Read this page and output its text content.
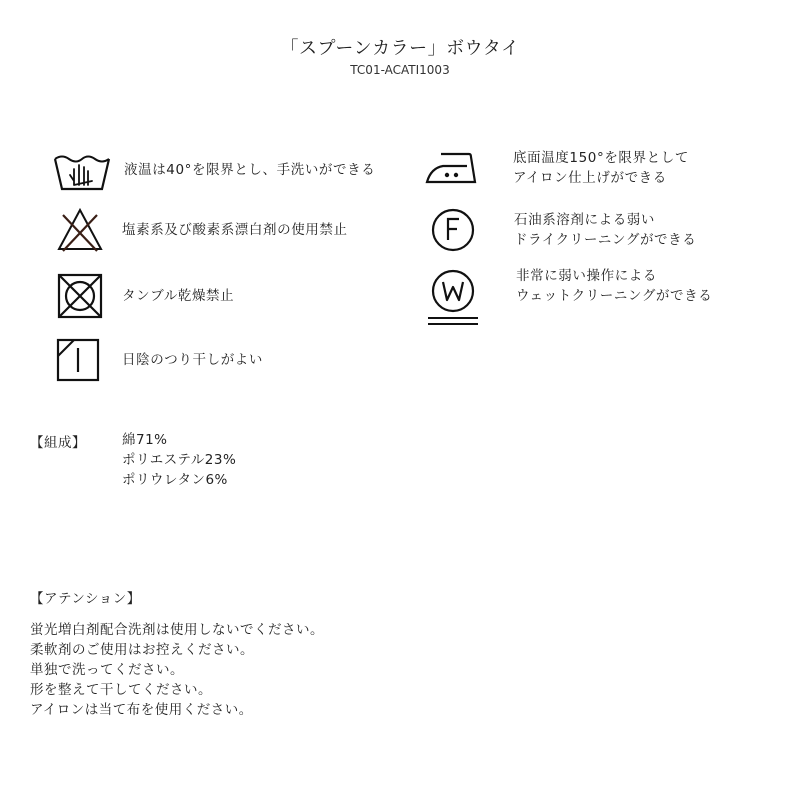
「スプーンカラー」ボウタイ
TC01-ACATI1003
液温は40°を限界とし、手洗いができる
塩素系及び酸素系漂白剤の使用禁止
タンブル乾燥禁止
日陰のつり干しがよい
底面温度150°を限界として
アイロン仕上げができる
石油系溶剤による弱い
ドライクリーニングができる
非常に弱い操作による
ウェットクリーニングができる
【組成】	綿71%
ポリエステル23%
ポリウレタン6%
【アテンション】
蛍光増白剤配合洗剤は使用しないでください。
柔軟剤のご使用はお控えください。
単独で洗ってください。
形を整えて干してください。
アイロンは当て布を使用ください。
